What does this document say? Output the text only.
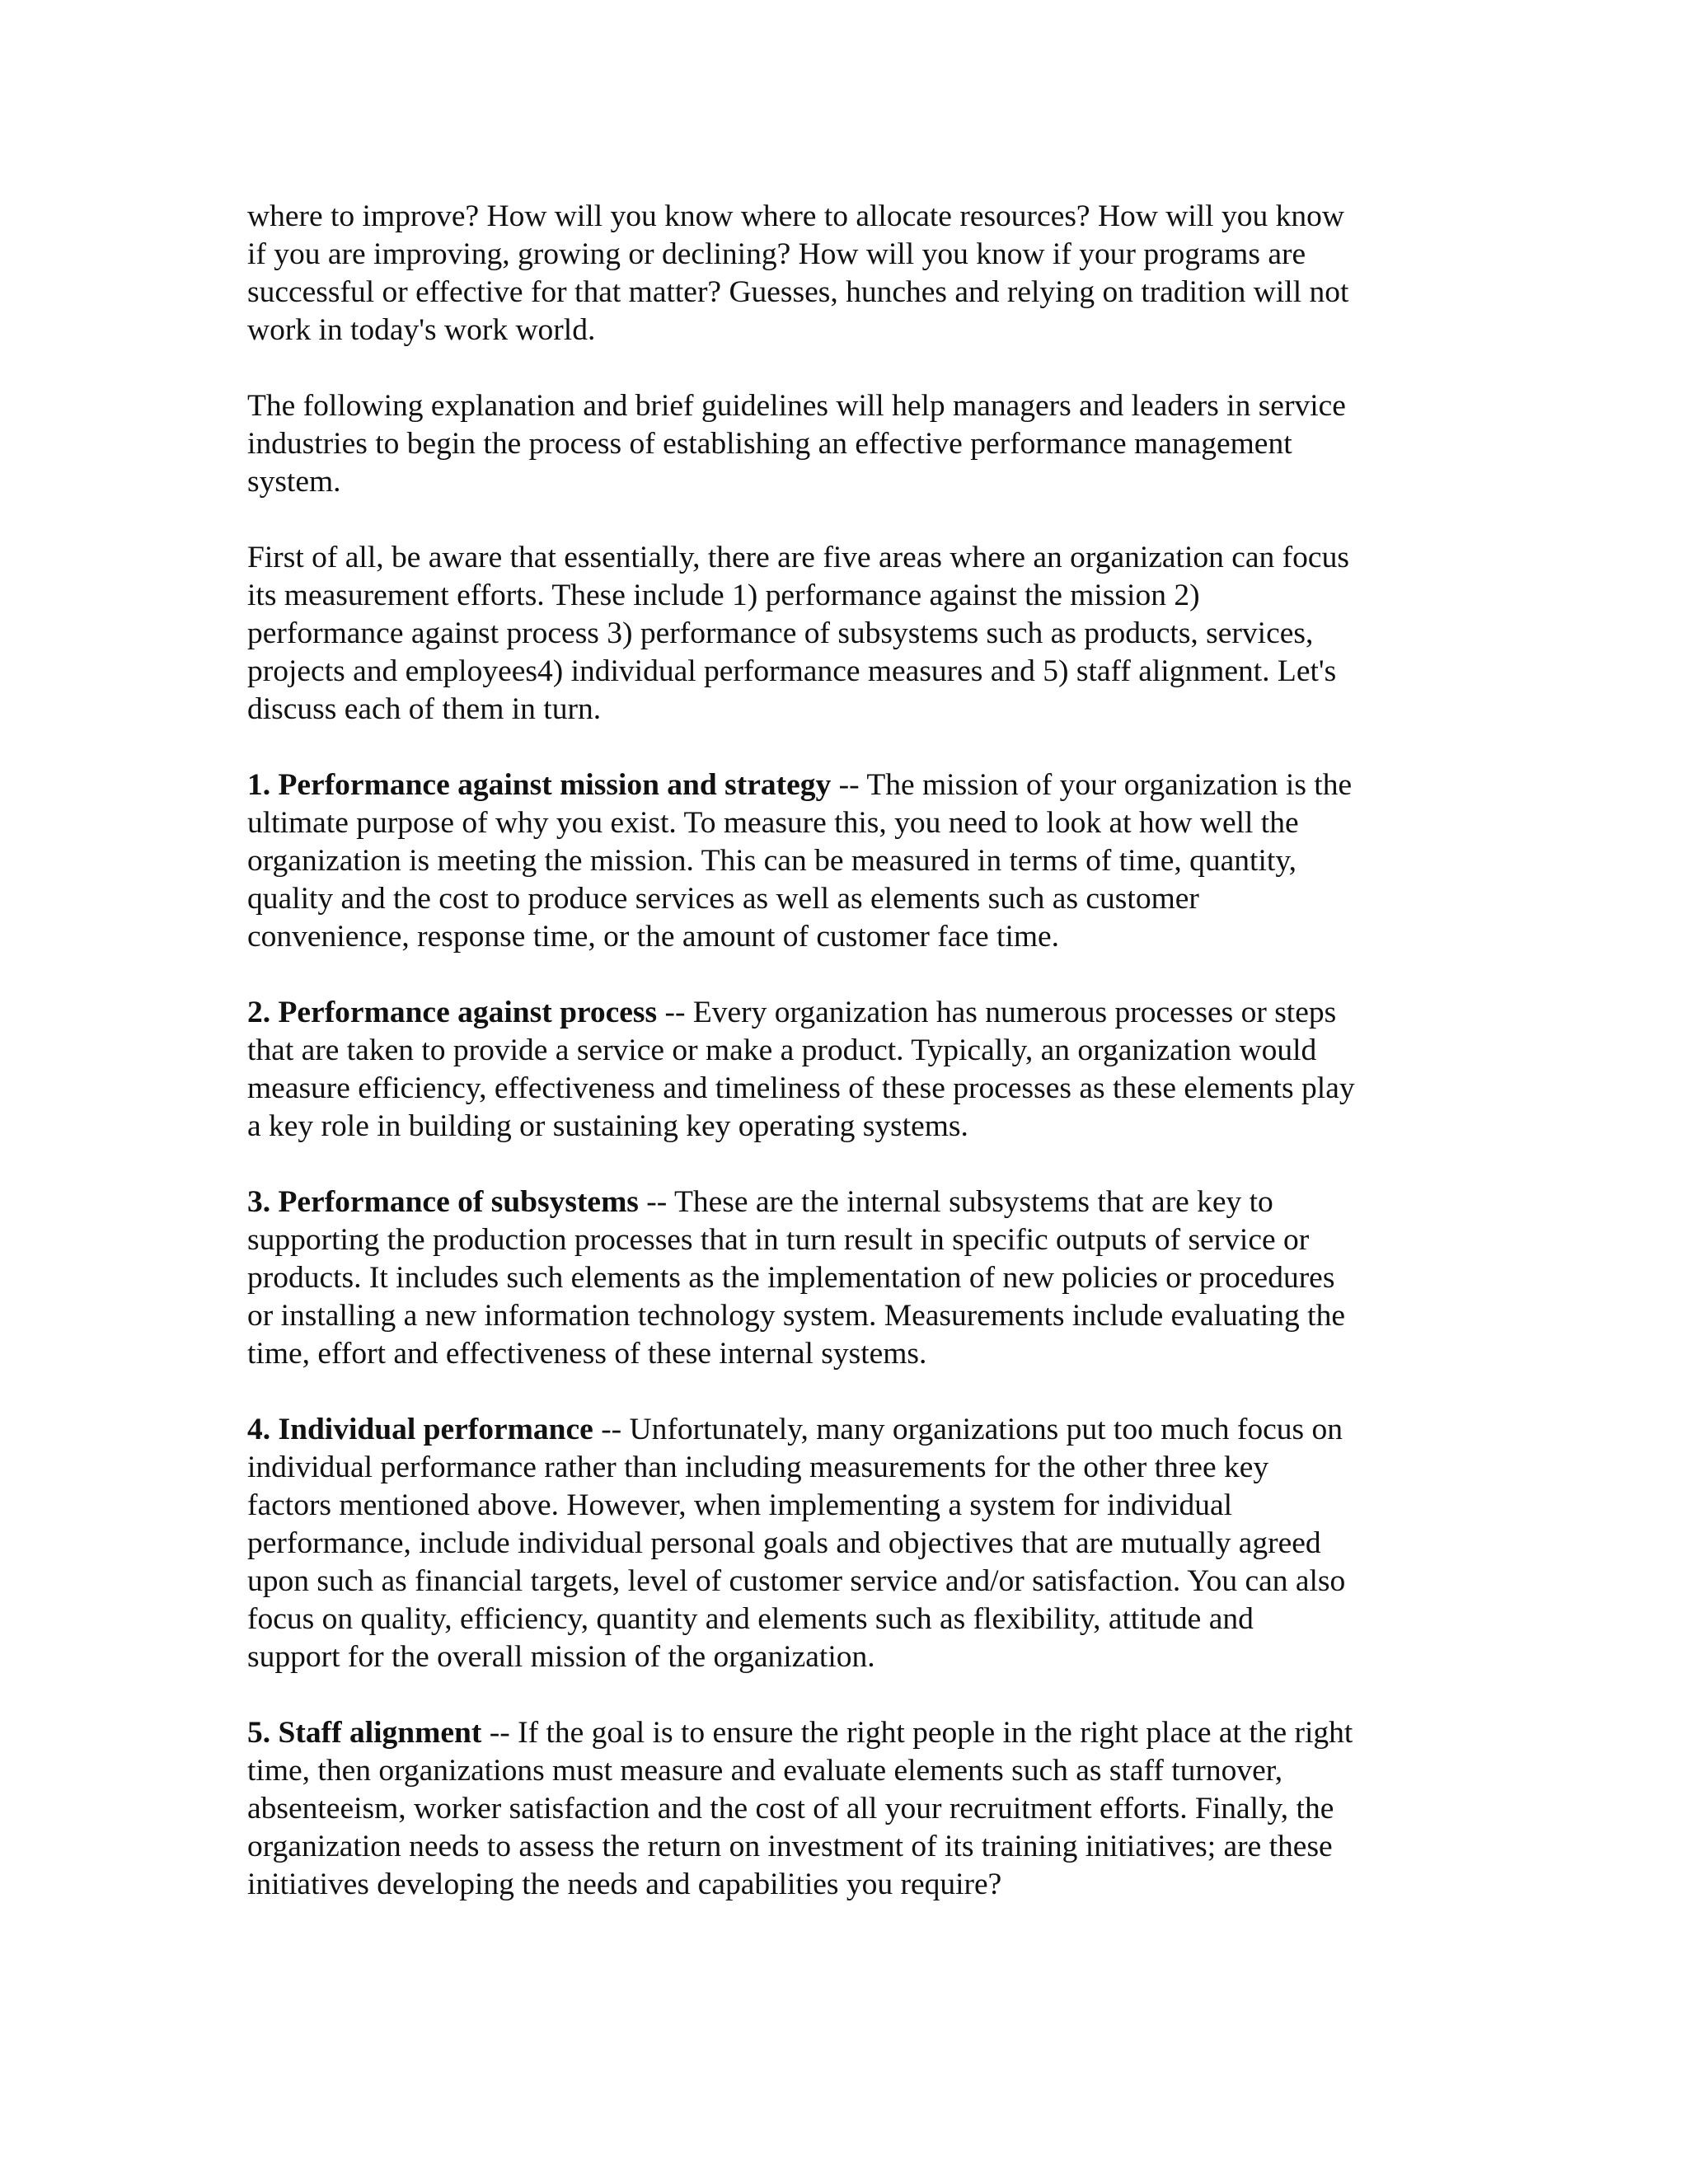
where to improve? How will you know where to allocate resources? How will you know
if you are improving, growing or declining? How will you know if your programs are
successful or effective for that matter? Guesses, hunches and relying on tradition will not
work in today's work world.

The following explanation and brief guidelines will help managers and leaders in service
industries to begin the process of establishing an effective performance management
system.

First of all, be aware that essentially, there are five areas where an organization can focus
its measurement efforts. These include 1) performance against the mission 2)
performance against process 3) performance of subsystems such as products, services,
projects and employees4) individual performance measures and 5) staff alignment. Let's
discuss each of them in turn.

1. Performance against mission and strategy -- The mission of your organization is the
ultimate purpose of why you exist. To measure this, you need to look at how well the
organization is meeting the mission. This can be measured in terms of time, quantity,
quality and the cost to produce services as well as elements such as customer
convenience, response time, or the amount of customer face time.

2. Performance against process -- Every organization has numerous processes or steps
that are taken to provide a service or make a product. Typically, an organization would
measure efficiency, effectiveness and timeliness of these processes as these elements play
a key role in building or sustaining key operating systems.

3. Performance of subsystems -- These are the internal subsystems that are key to
supporting the production processes that in turn result in specific outputs of service or
products. It includes such elements as the implementation of new policies or procedures
or installing a new information technology system. Measurements include evaluating the
time, effort and effectiveness of these internal systems.

4. Individual performance -- Unfortunately, many organizations put too much focus on
individual performance rather than including measurements for the other three key
factors mentioned above. However, when implementing a system for individual
performance, include individual personal goals and objectives that are mutually agreed
upon such as financial targets, level of customer service and/or satisfaction. You can also
focus on quality, efficiency, quantity and elements such as flexibility, attitude and
support for the overall mission of the organization.

5. Staff alignment -- If the goal is to ensure the right people in the right place at the right
time, then organizations must measure and evaluate elements such as staff turnover,
absenteeism, worker satisfaction and the cost of all your recruitment efforts. Finally, the
organization needs to assess the return on investment of its training initiatives; are these
initiatives developing the needs and capabilities you require?
